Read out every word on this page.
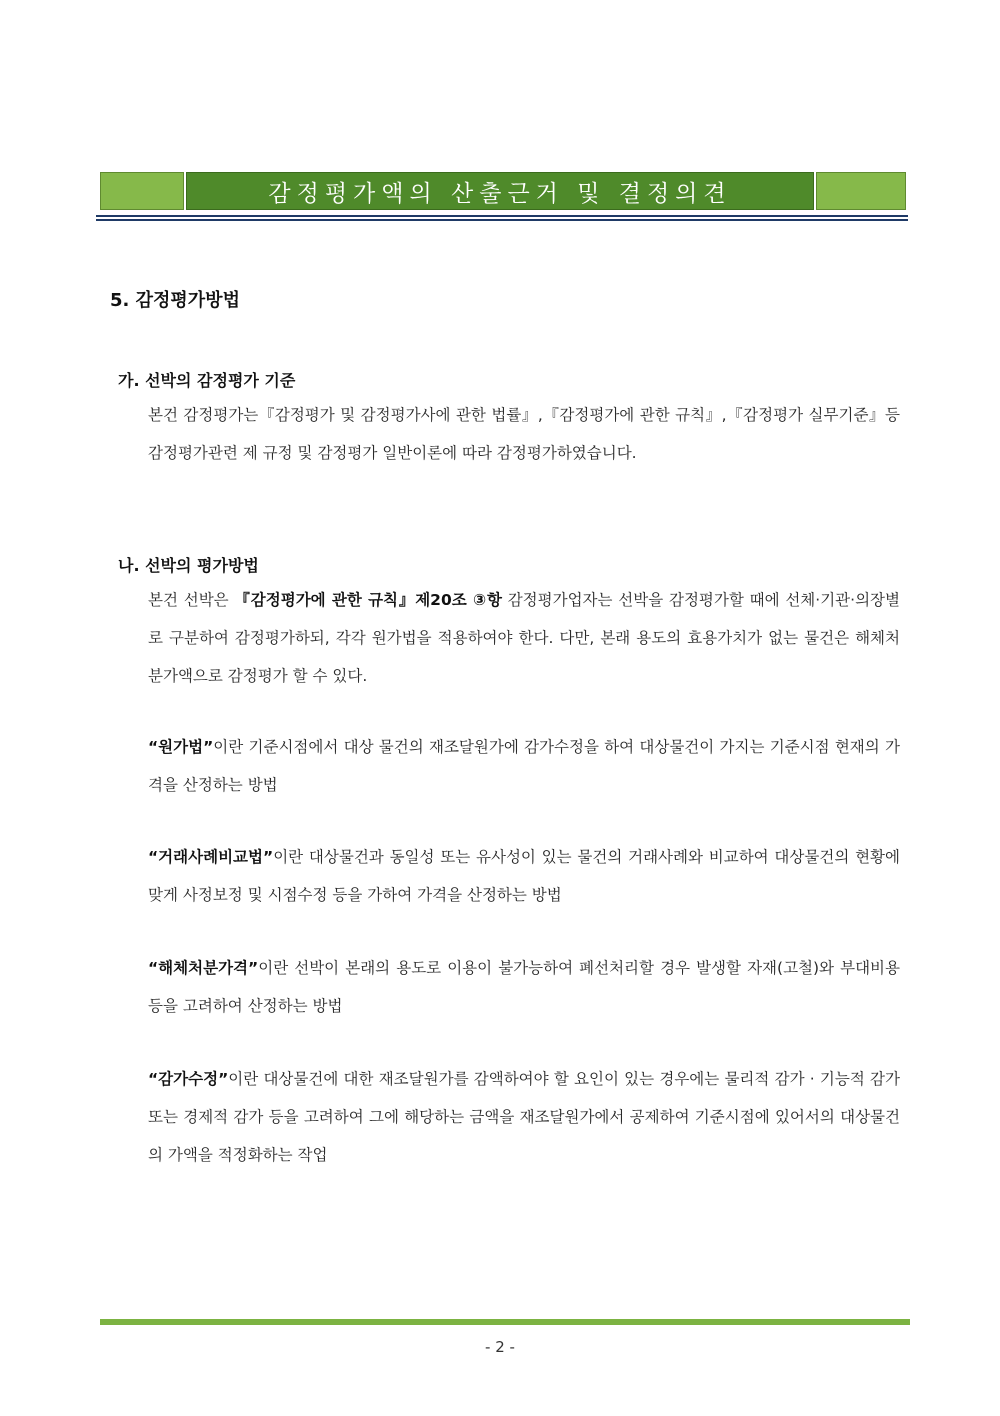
감정평가액의 산출근거 및 결정의견
5. 감정평가방법
가. 선박의 감정평가 기준
본건 감정평가는『감정평가 및 감정평가사에 관한 법률』,『감정평가에 관한 규칙』,『감정평가 실무기준』등 감정평가관련 제 규정 및 감정평가 일반이론에 따라 감정평가하였습니다.
나. 선박의 평가방법
본건 선박은 『감정평가에 관한 규칙』제20조 ③항 감정평가업자는 선박을 감정평가할 때에 선체·기관·의장별로 구분하여 감정평가하되, 각각 원가법을 적용하여야 한다. 다만, 본래 용도의 효용가치가 없는 물건은 해체처분가액으로 감정평가 할 수 있다.
“원가법”이란 기준시점에서 대상 물건의 재조달원가에 감가수정을 하여 대상물건이 가지는 기준시점 현재의 가격을 산정하는 방법
“거래사례비교법”이란 대상물건과 동일성 또는 유사성이 있는 물건의 거래사례와 비교하여 대상물건의 현황에 맞게 사정보정 및 시점수정 등을 가하여 가격을 산정하는 방법
“해체처분가격”이란 선박이 본래의 용도로 이용이 불가능하여 폐선처리할 경우 발생할 자재(고철)와 부대비용 등을 고려하여 산정하는 방법
“감가수정”이란 대상물건에 대한 재조달원가를 감액하여야 할 요인이 있는 경우에는 물리적 감가 · 기능적 감가 또는 경제적 감가 등을 고려하여 그에 해당하는 금액을 재조달원가에서 공제하여 기준시점에 있어서의 대상물건의 가액을 적정화하는 작업
- 2 -
